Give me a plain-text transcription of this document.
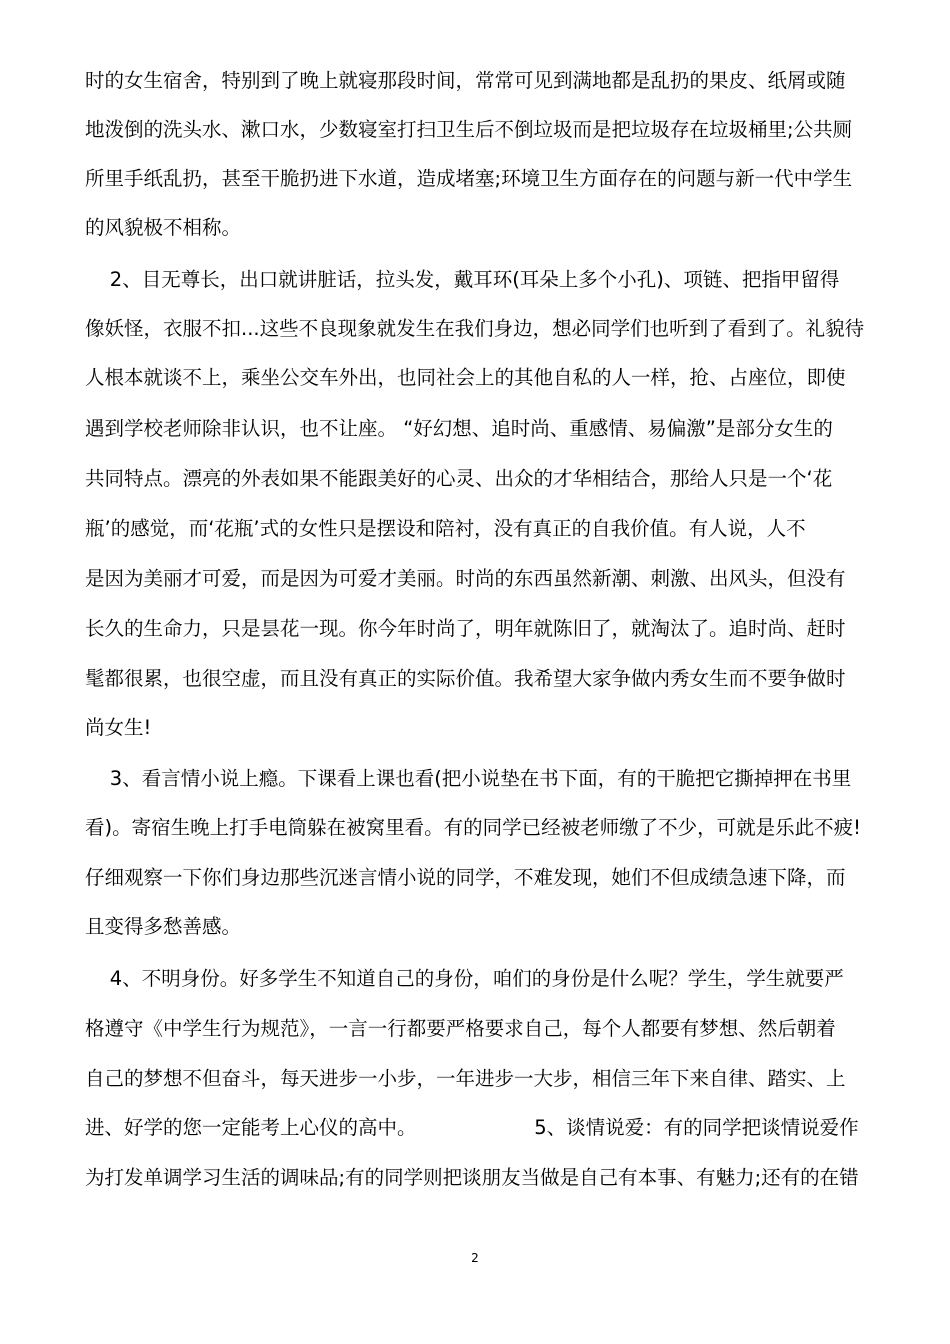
时的女生宿舍，特别到了晚上就寝那段时间，常常可见到满地都是乱扔的果皮、纸屑或随
地泼倒的洗头水、漱口水，少数寝室打扫卫生后不倒垃圾而是把垃圾存在垃圾桶里;公共厕
所里手纸乱扔，甚至干脆扔进下水道，造成堵塞;环境卫生方面存在的问题与新一代中学生
的风貌极不相称。
2、目无尊长，出口就讲脏话，拉头发，戴耳环(耳朵上多个小孔)、项链、把指甲留得
像妖怪，衣服不扣...这些不良现象就发生在我们身边，想必同学们也听到了看到了。礼貌待
人根本就谈不上，乘坐公交车外出，也同社会上的其他自私的人一样，抢、占座位，即使
遇到学校老师除非认识，也不让座。 “好幻想、追时尚、重感情、易偏激”是部分女生的
共同特点。漂亮的外表如果不能跟美好的心灵、出众的才华相结合，那给人只是一个‘花
瓶’的感觉，而‘花瓶’式的女性只是摆设和陪衬，没有真正的自我价值。有人说，人不
是因为美丽才可爱，而是因为可爱才美丽。时尚的东西虽然新潮、刺激、出风头，但没有
长久的生命力，只是昙花一现。你今年时尚了，明年就陈旧了，就淘汰了。追时尚、赶时
髦都很累，也很空虚，而且没有真正的实际价值。我希望大家争做内秀女生而不要争做时
尚女生!
3、看言情小说上瘾。下课看上课也看(把小说垫在书下面，有的干脆把它撕掉押在书里
看)。寄宿生晚上打手电筒躲在被窝里看。有的同学已经被老师缴了不少，可就是乐此不疲!
仔细观察一下你们身边那些沉迷言情小说的同学，不难发现，她们不但成绩急速下降，而
且变得多愁善感。
4、不明身份。好多学生不知道自己的身份，咱们的身份是什么呢？学生，学生就要严
格遵守《中学生行为规范》，一言一行都要严格要求自己，每个人都要有梦想、然后朝着
自己的梦想不但奋斗，每天进步一小步，一年进步一大步，相信三年下来自律、踏实、上
进、好学的您一定能考上心仪的高中。                   5、谈情说爱：有的同学把谈情说爱作
为打发单调学习生活的调味品;有的同学则把谈朋友当做是自己有本事、有魅力;还有的在错
2
